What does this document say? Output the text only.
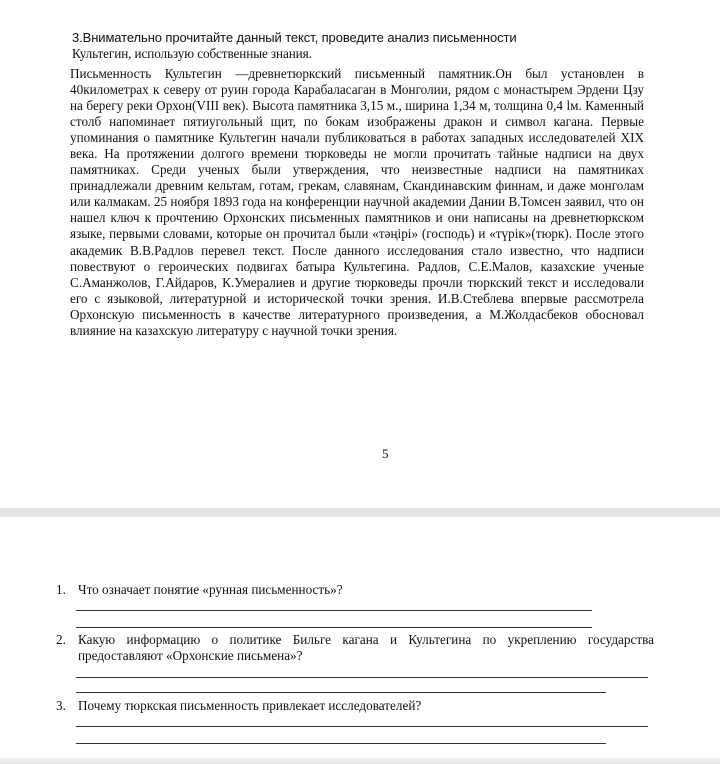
3.Внимательно прочитайте данный текст, проведите анализ письменности
Культегин, использую собственные знания.
Письменность Культегин —древнетюркский письменный памятник.Он был установлен в 40километрах к северу от руин города Карабаласаган в Монголии, рядом с монастырем Эрдени Цзу на берегу реки Орхон(VIII век). Высота памятника 3,15 м., ширина 1,34 м, толщина 0,4 lм. Каменный столб напоминает пятиугольный щит, по бокам изображены дракон и символ кагана. Первые упоминания о памятнике Культегин начали публиковаться в работах западных исследователей XIX века. На протяжении долгого времени тюрковеды не могли прочитать тайные надписи на двух памятниках. Среди ученых были утверждения, что неизвестные надписи на памятниках принадлежали древним кельтам, готам, грекам, славянам, Скандинавским финнам, и даже монголам или калмакам. 25 ноября 1893 года на конференции научной академии Дании В.Томсен заявил, что он нашел ключ к прочтению Орхонских письменных памятников и они написаны на древнетюркском языке, первыми словами, которые он прочитал были «тәңірі» (господь) и «түрік»(тюрк). После этого академик В.В.Радлов перевел текст. После данного исследования стало известно, что надписи повествуют о героических подвигах батыра Культегина. Радлов, С.Е.Малов, казахские ученые С.Аманжолов, Г.Айдаров, К.Умералиев и другие тюрковеды прочли тюркский текст и исследовали его с языковой, литературной и исторической точки зрения. И.В.Стеблева впервые рассмотрела Орхонскую письменность в качестве литературного произведения, а М.Жолдасбеков обосновал влияние на казахскую литературу с научной точки зрения.
5
1. Что означает понятие «рунная письменность»?
2. Какую информацию о политике Бильге кагана и Культегина по укреплению государства предоставляют «Орхонские письмена»?
3. Почему тюркская письменность привлекает исследователей?
